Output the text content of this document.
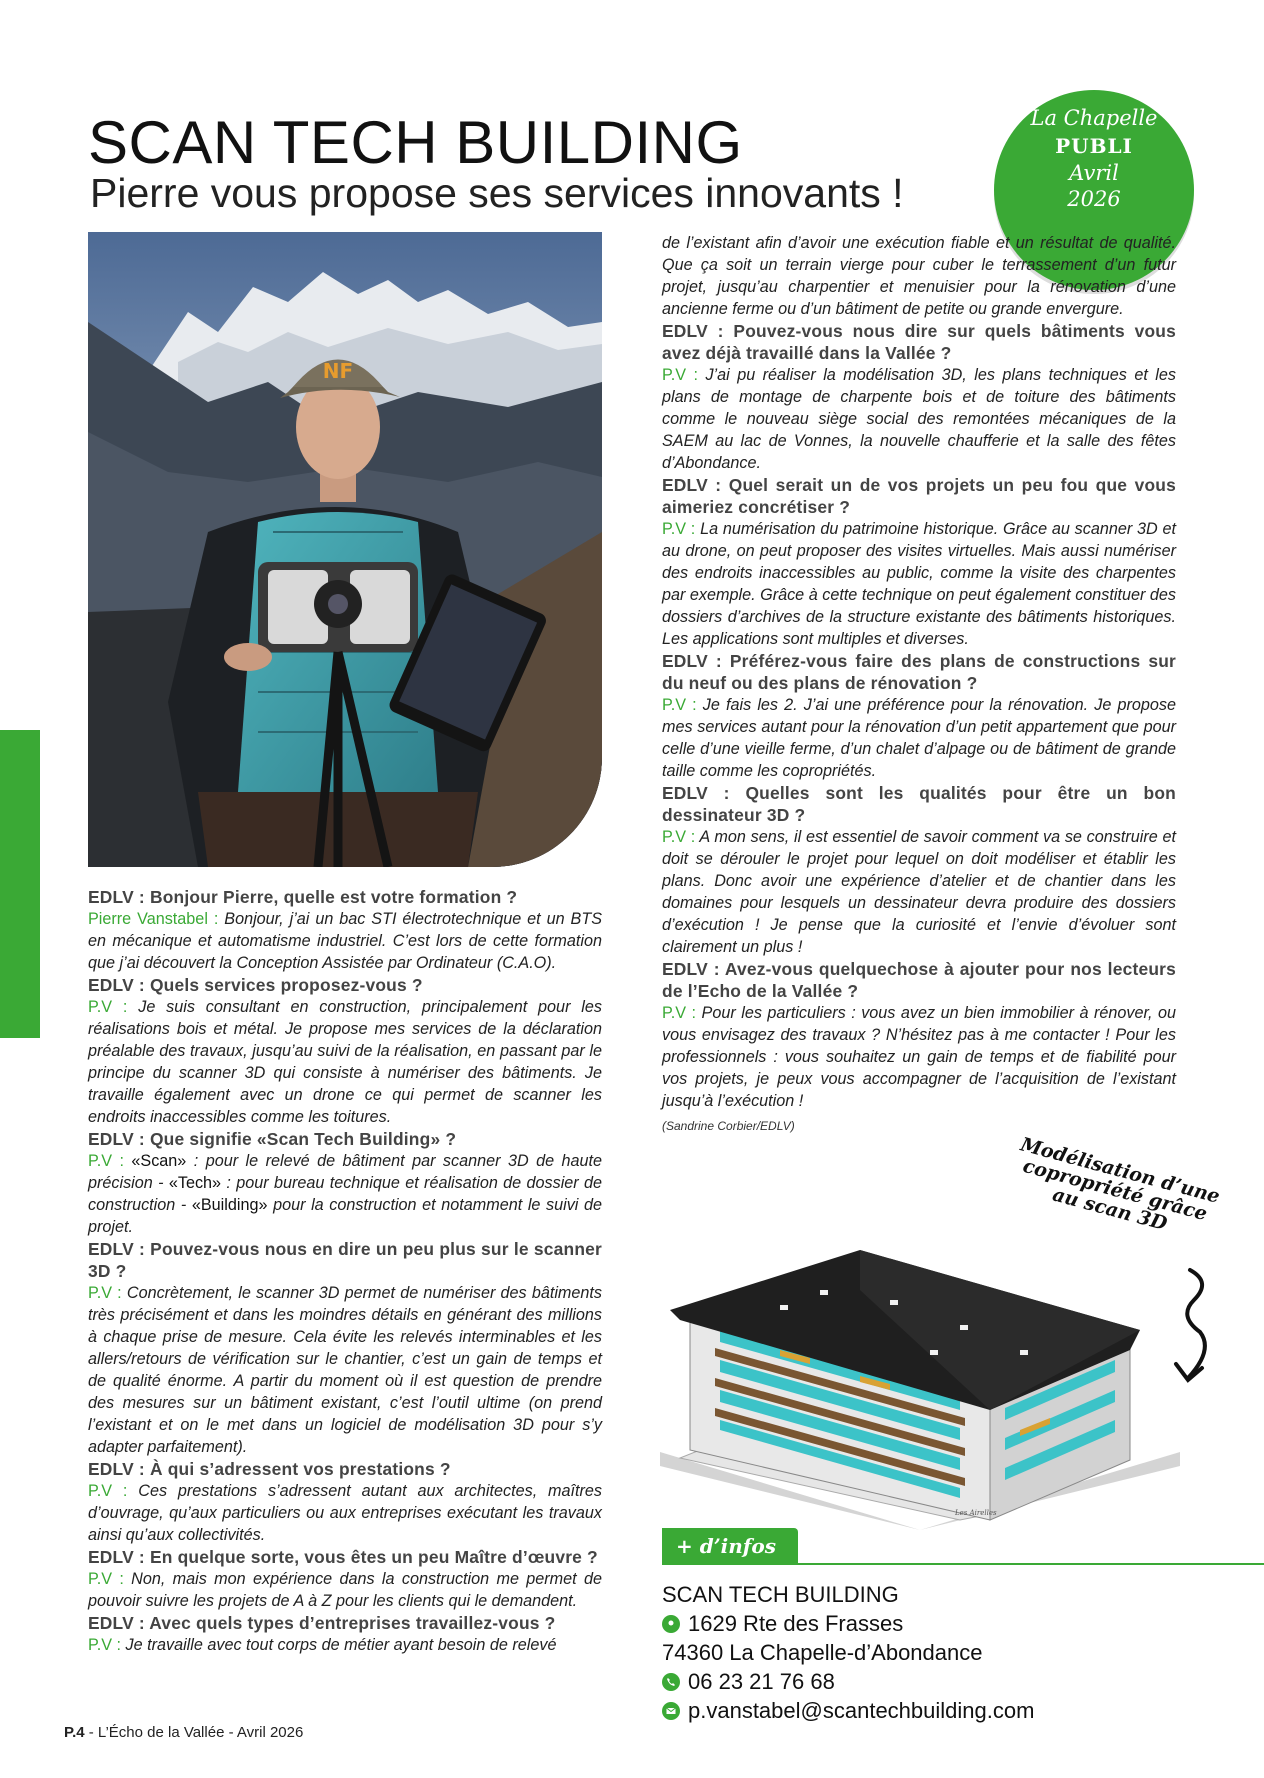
SCAN TECH BUILDING
Pierre vous propose ses services innovants !
La Chapelle
PUBLI
Avril
2026
NF
EDLV : Bonjour Pierre, quelle est votre formation ?
Pierre Vanstabel : Bonjour, j’ai un bac STI électrotechnique et un BTS en mécanique et automatisme industriel. C’est lors de cette formation que j’ai découvert la Conception Assistée par Ordinateur (C.A.O).
EDLV : Quels services proposez-vous ?
P.V : Je suis consultant en construction, principalement pour les réalisations bois et métal. Je propose mes services de la déclaration préalable des travaux, jusqu’au suivi de la réalisation, en passant par le principe du scanner 3D qui consiste à numériser des bâtiments. Je travaille également avec un drone ce qui permet de scanner les endroits inaccessibles comme les toitures.
EDLV : Que signifie «Scan Tech Building» ?
P.V : «Scan» : pour le relevé de bâtiment par scanner 3D de haute précision - «Tech» : pour bureau technique et réalisation de dossier de construction - «Building» pour la construction et notamment le suivi de projet.
EDLV : Pouvez-vous nous en dire un peu plus sur le scanner 3D ?
P.V : Concrètement, le scanner 3D permet de numériser des bâtiments très précisément et dans les moindres détails en générant des millions à chaque prise de mesure. Cela évite les relevés interminables et les allers/retours de vérification sur le chantier, c’est un gain de temps et de qualité énorme. A partir du moment où il est question de prendre des mesures sur un bâtiment existant, c’est l’outil ultime (on prend l’existant et on le met dans un logiciel de modélisation 3D pour s’y adapter parfaitement).
EDLV : À qui s’adressent vos prestations ?
P.V : Ces prestations s’adressent autant aux architectes, maîtres d’ouvrage, qu’aux particuliers ou aux entreprises exécutant les travaux ainsi qu’aux collectivités.
EDLV : En quelque sorte, vous êtes un peu Maître d’œuvre ?
P.V : Non, mais mon expérience dans la construction me permet de pouvoir suivre les projets de A à Z pour les clients qui le demandent.
EDLV : Avec quels types d’entreprises travaillez-vous ?
P.V : Je travaille avec tout corps de métier ayant besoin de relevé
de l’existant afin d’avoir une exécution fiable et un résultat de qualité. Que ça soit un terrain vierge pour cuber le terrassement d’un futur projet, jusqu’au charpentier et menuisier pour la rénovation d’une ancienne ferme ou d’un bâtiment de petite ou grande envergure.
EDLV : Pouvez-vous nous dire sur quels bâtiments vous avez déjà travaillé dans la Vallée ?
P.V : J’ai pu réaliser la modélisation 3D, les plans techniques et les plans de montage de charpente bois et de toiture des bâtiments comme le nouveau siège social des remontées mécaniques de la SAEM au lac de Vonnes, la nouvelle chaufferie et la salle des fêtes d’Abondance.
EDLV : Quel serait un de vos projets un peu fou que vous aimeriez concrétiser ?
P.V : La numérisation du patrimoine historique. Grâce au scanner 3D et au drone, on peut proposer des visites virtuelles. Mais aussi numériser des endroits inaccessibles au public, comme la visite des charpentes par exemple. Grâce à cette technique on peut également constituer des dossiers d’archives de la structure existante des bâtiments historiques. Les applications sont multiples et diverses.
EDLV : Préférez-vous faire des plans de constructions sur du neuf ou des plans de rénovation ?
P.V : Je fais les 2. J’ai une préférence pour la rénovation. Je propose mes services autant pour la rénovation d’un petit appartement que pour celle d’une vieille ferme, d’un chalet d’alpage ou de bâtiment de grande taille comme les copropriétés.
EDLV : Quelles sont les qualités pour être un bon dessinateur 3D ?
P.V : A mon sens, il est essentiel de savoir comment va se construire et doit se dérouler le projet pour lequel on doit modéliser et établir les plans. Donc avoir une expérience d’atelier et de chantier dans les domaines pour lesquels un dessinateur devra produire des dossiers d’exécution ! Je pense que la curiosité et l’envie d’évoluer sont clairement un plus !
EDLV : Avez-vous quelquechose à ajouter pour nos lecteurs de l’Echo de la Vallée ?
P.V : Pour les particuliers : vous avez un bien immobilier à rénover, ou vous envisagez des travaux ? N’hésitez pas à me contacter ! Pour les professionnels : vous souhaitez un gain de temps et de fiabilité pour vos projets, je peux vous accompagner de l’acquisition de l’existant jusqu’à l’exécution !
(Sandrine Corbier/EDLV)
Modélisation d’une copropriété grâce au scan 3D
Les Airelles
+ d’infos
SCAN TECH BUILDING
1629 Rte des Frasses
74360 La Chapelle-d’Abondance
06 23 21 76 68
p.vanstabel@scantechbuilding.com
P.4 - L’Écho de la Vallée - Avril 2026
